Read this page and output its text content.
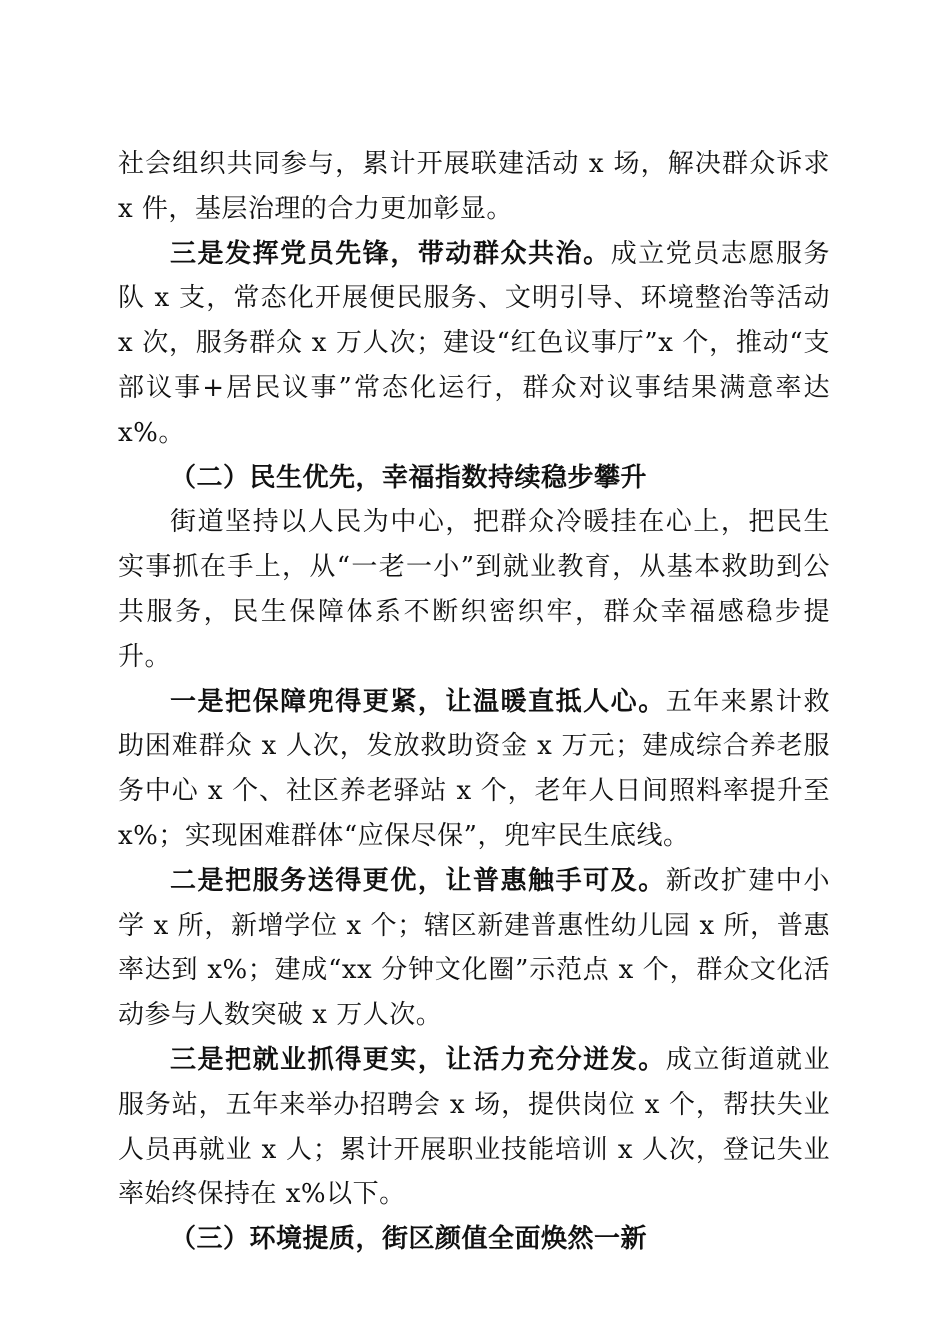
社会组织共同参与，累计开展联建活动 x 场，解决群众诉求 x 件，基层治理的合力更加彰显。

三是发挥党员先锋，带动群众共治。成立党员志愿服务队 x 支，常态化开展便民服务、文明引导、环境整治等活动 x 次，服务群众 x 万人次；建设“红色议事厅”x 个，推动“支部议事+居民议事”常态化运行，群众对议事结果满意率达 x%。

（二）民生优先，幸福指数持续稳步攀升

街道坚持以人民为中心，把群众冷暖挂在心上，把民生实事抓在手上，从“一老一小”到就业教育，从基本救助到公共服务，民生保障体系不断织密织牢，群众幸福感稳步提升。

一是把保障兜得更紧，让温暖直抵人心。五年来累计救助困难群众 x 人次，发放救助资金 x 万元；建成综合养老服务中心 x 个、社区养老驿站 x 个，老年人日间照料率提升至 x%；实现困难群体“应保尽保”，兜牢民生底线。

二是把服务送得更优，让普惠触手可及。新改扩建中小学 x 所，新增学位 x 个；辖区新建普惠性幼儿园 x 所，普惠率达到 x%；建成“xx 分钟文化圈”示范点 x 个，群众文化活动参与人数突破 x 万人次。

三是把就业抓得更实，让活力充分迸发。成立街道就业服务站，五年来举办招聘会 x 场，提供岗位 x 个，帮扶失业人员再就业 x 人；累计开展职业技能培训 x 人次，登记失业率始终保持在 x%以下。

（三）环境提质，街区颜值全面焕然一新
